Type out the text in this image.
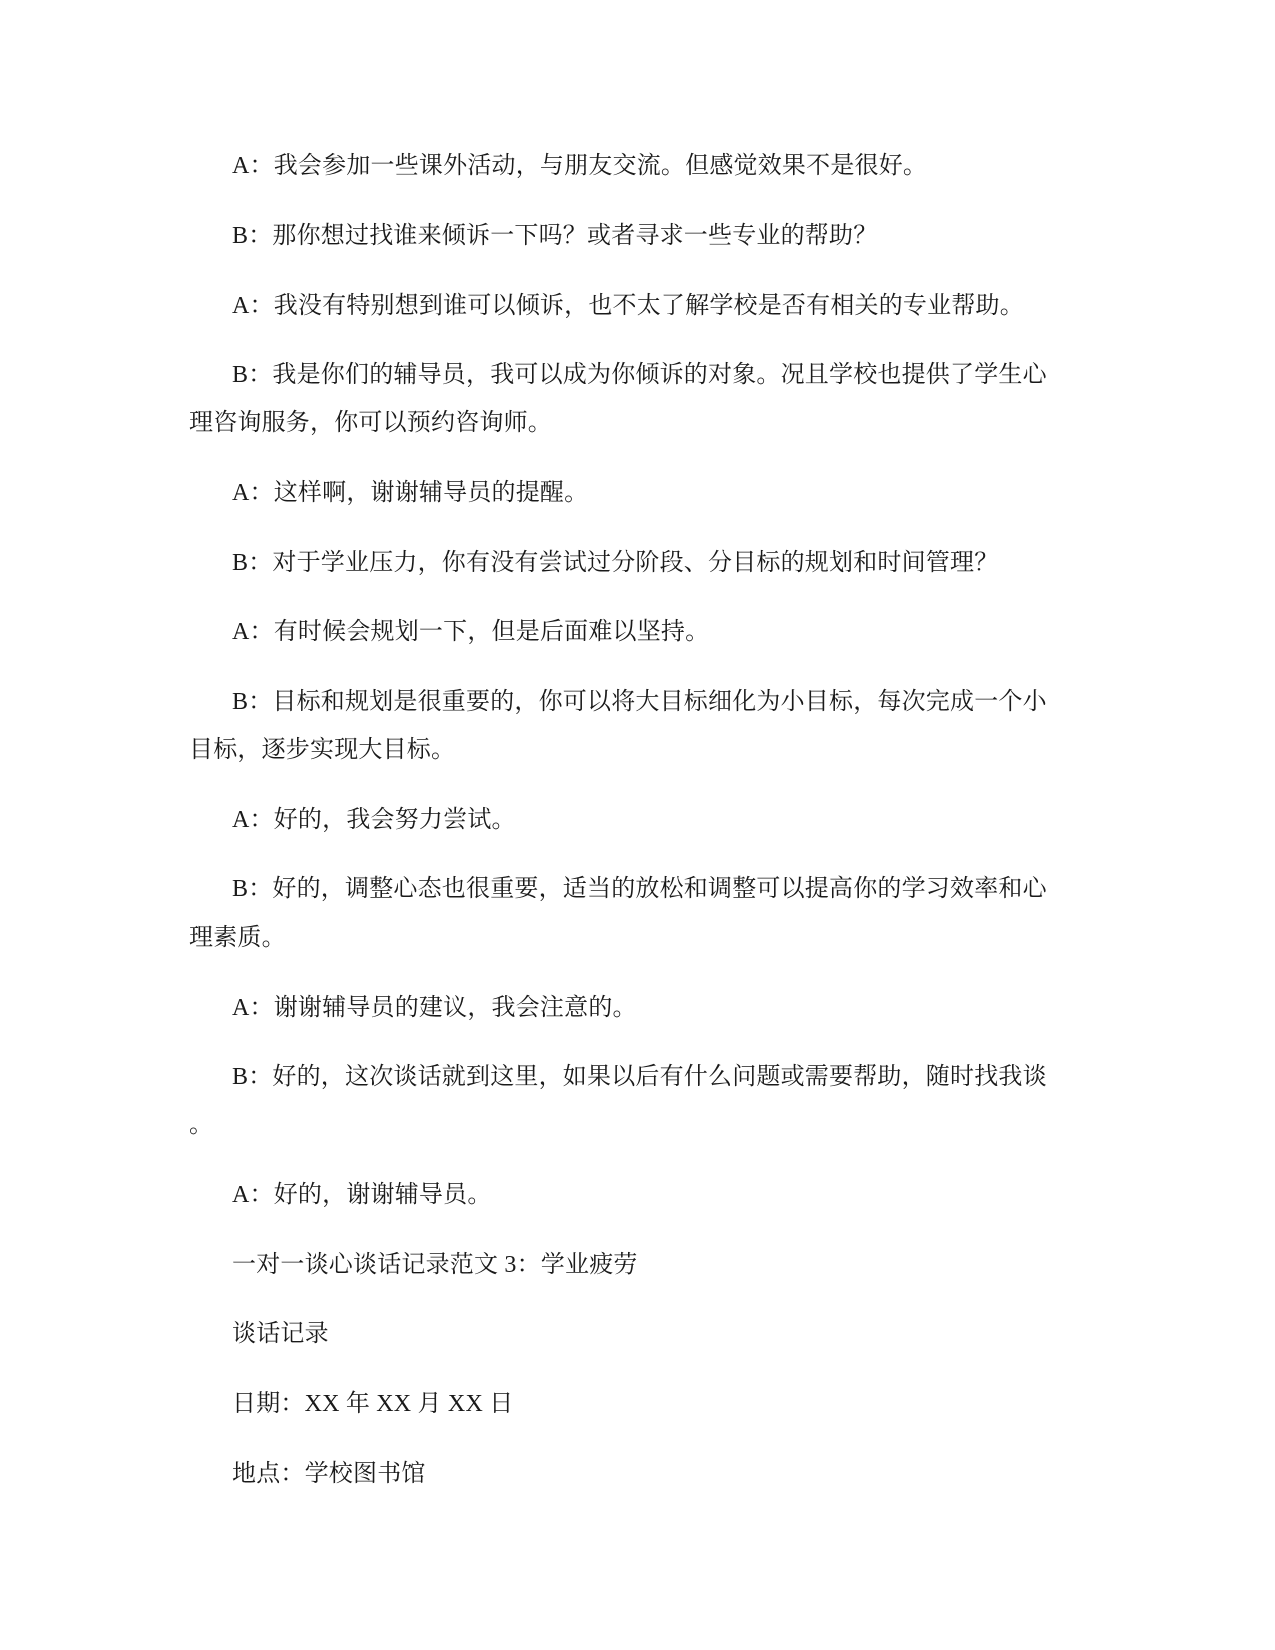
A：我会参加一些课外活动，与朋友交流。但感觉效果不是很好。
B：那你想过找谁来倾诉一下吗？或者寻求一些专业的帮助？
A：我没有特别想到谁可以倾诉，也不太了解学校是否有相关的专业帮助。
B：我是你们的辅导员，我可以成为你倾诉的对象。况且学校也提供了学生心
理咨询服务，你可以预约咨询师。
A：这样啊，谢谢辅导员的提醒。
B：对于学业压力，你有没有尝试过分阶段、分目标的规划和时间管理？
A：有时候会规划一下，但是后面难以坚持。
B：目标和规划是很重要的，你可以将大目标细化为小目标，每次完成一个小
目标，逐步实现大目标。
A：好的，我会努力尝试。
B：好的，调整心态也很重要，适当的放松和调整可以提高你的学习效率和心
理素质。
A：谢谢辅导员的建议，我会注意的。
B：好的，这次谈话就到这里，如果以后有什么问题或需要帮助，随时找我谈
。
A：好的，谢谢辅导员。
一对一谈心谈话记录范文 3：学业疲劳
谈话记录
日期：XX 年 XX 月 XX 日
地点：学校图书馆
